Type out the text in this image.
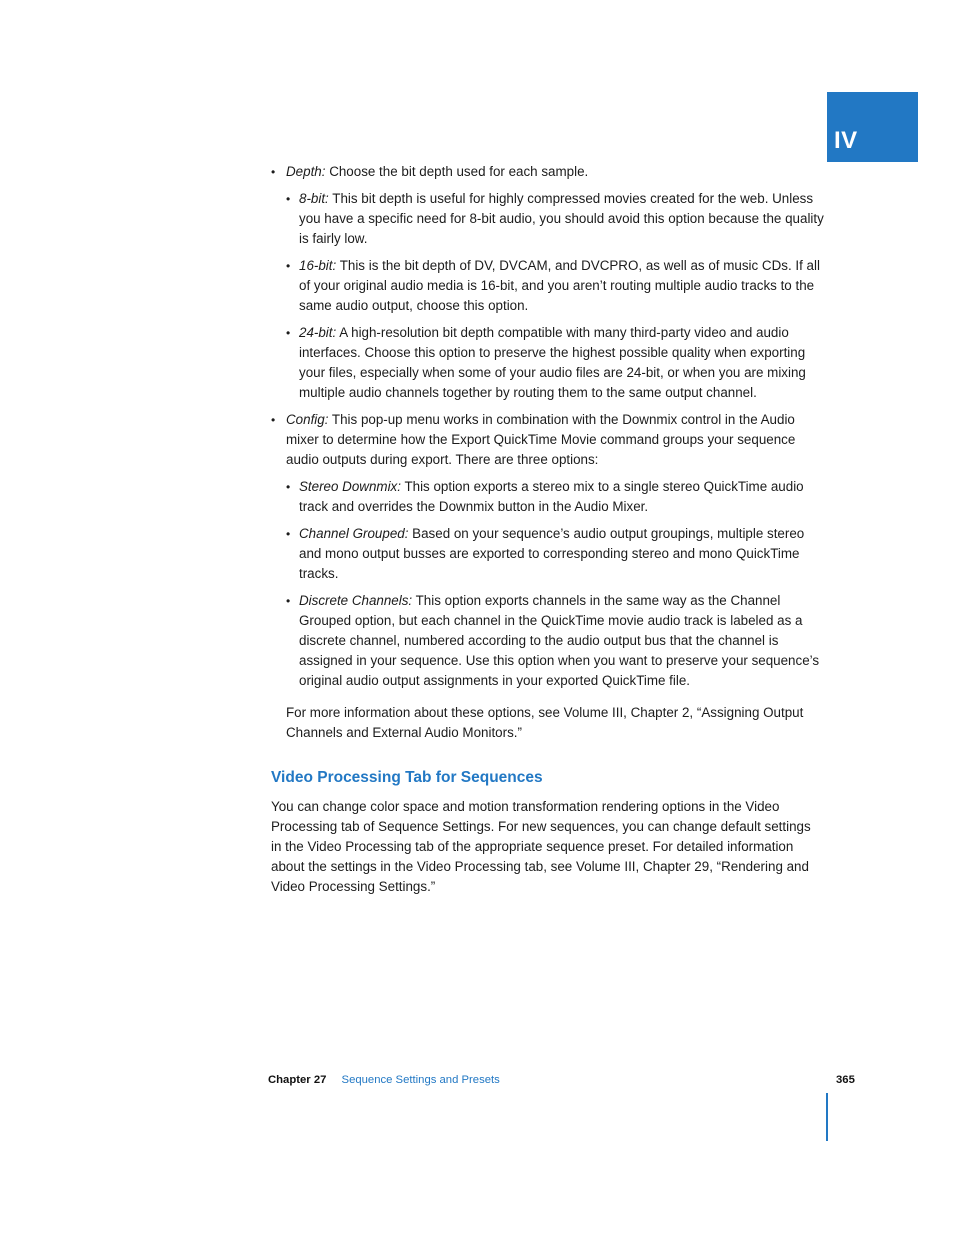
IV
• Depth: Choose the bit depth used for each sample.
• 8-bit: This bit depth is useful for highly compressed movies created for the web. Unless you have a specific need for 8-bit audio, you should avoid this option because the quality is fairly low.
• 16-bit: This is the bit depth of DV, DVCAM, and DVCPRO, as well as of music CDs. If all of your original audio media is 16-bit, and you aren’t routing multiple audio tracks to the same audio output, choose this option.
• 24-bit: A high-resolution bit depth compatible with many third-party video and audio interfaces. Choose this option to preserve the highest possible quality when exporting your files, especially when some of your audio files are 24-bit, or when you are mixing multiple audio channels together by routing them to the same output channel.
• Config: This pop-up menu works in combination with the Downmix control in the Audio mixer to determine how the Export QuickTime Movie command groups your sequence audio outputs during export. There are three options:
• Stereo Downmix: This option exports a stereo mix to a single stereo QuickTime audio track and overrides the Downmix button in the Audio Mixer.
• Channel Grouped: Based on your sequence’s audio output groupings, multiple stereo and mono output busses are exported to corresponding stereo and mono QuickTime tracks.
• Discrete Channels: This option exports channels in the same way as the Channel Grouped option, but each channel in the QuickTime movie audio track is labeled as a discrete channel, numbered according to the audio output bus that the channel is assigned in your sequence. Use this option when you want to preserve your sequence’s original audio output assignments in your exported QuickTime file.

For more information about these options, see Volume III, Chapter 2, “Assigning Output Channels and External Audio Monitors.”

Video Processing Tab for Sequences

You can change color space and motion transformation rendering options in the Video Processing tab of Sequence Settings. For new sequences, you can change default settings in the Video Processing tab of the appropriate sequence preset. For detailed information about the settings in the Video Processing tab, see Volume III, Chapter 29, “Rendering and Video Processing Settings.”

Chapter 27 Sequence Settings and Presets	365
